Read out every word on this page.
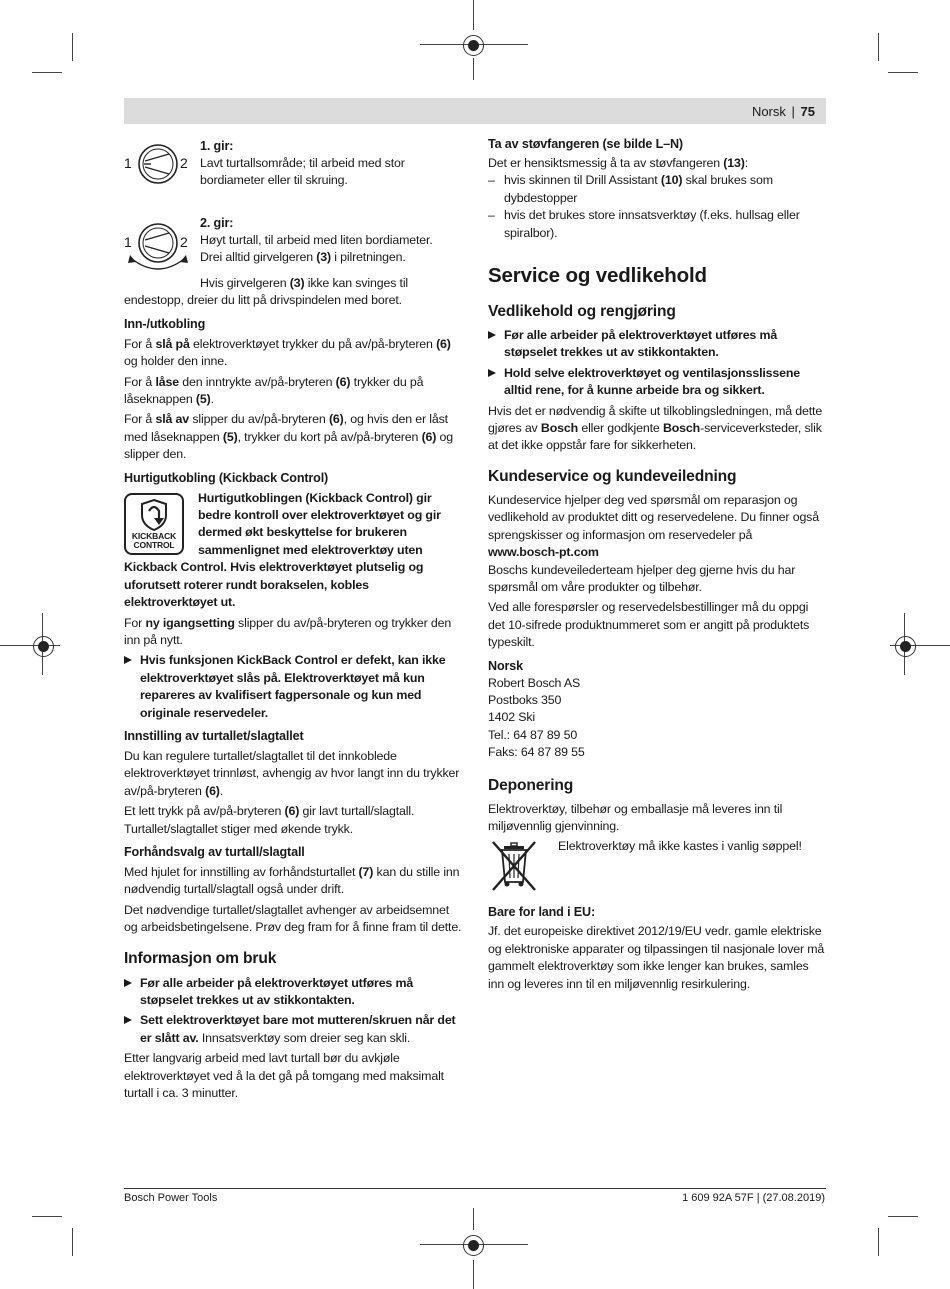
Norsk | 75
1	2
1. gir:
Lavt turtallsområde; til arbeid med stor bordiameter eller til skruing.
1	2
2. gir:
Høyt turtall, til arbeid med liten bordiameter.
Drei alltid girvelgeren (3) i pilretningen.

Hvis girvelgeren (3) ikke kan svinges til endestopp, dreier du litt på drivspindelen med boret.

Inn-/utkobling

For å slå på elektroverktøyet trykker du på av/på-bryteren (6) og holder den inne.

For å låse den inntrykte av/på-bryteren (6) trykker du på låseknappen (5).

For å slå av slipper du av/på-bryteren (6), og hvis den er låst med låseknappen (5), trykker du kort på av/på-bryteren (6) og slipper den.

Hurtigutkobling (Kickback Control)
KICKBACK
CONTROL

Hurtigutkoblingen (Kickback Control) gir bedre kontroll over elektroverktøyet og gir dermed økt beskyttelse for brukeren sammenlignet med elektroverktøy uten Kickback Control. Hvis elektroverktøyet plutselig og uforutsett roterer rundt borakselen, kobles elektroverktøyet ut.

For ny igangsetting slipper du av/på-bryteren og trykker den inn på nytt.

Hvis funksjonen KickBack Control er defekt, kan ikke elektroverktøyet slås på. Elektroverktøyet må kun repareres av kvalifisert fagpersonale og kun med originale reservedeler.
Innstilling av turtallet/slagtallet

Du kan regulere turtallet/slagtallet til det innkoblede elektroverktøyet trinnløst, avhengig av hvor langt inn du trykker av/på-bryteren (6).

Et lett trykk på av/på-bryteren (6) gir lavt turtall/slagtall. Turtallet/slagtallet stiger med økende trykk.

Forhåndsvalg av turtall/slagtall

Med hjulet for innstilling av forhåndsturtallet (7) kan du stille inn nødvendig turtall/slagtall også under drift.

Det nødvendige turtallet/slagtallet avhenger av arbeidsemnet og arbeidsbetingelsene. Prøv deg fram for å finne fram til dette.

Informasjon om bruk
Før alle arbeider på elektroverktøyet utføres må støpselet trekkes ut av stikkontakten.
Sett elektroverktøyet bare mot mutteren/skruen når det er slått av. Innsatsverktøy som dreier seg kan skli.

Etter langvarig arbeid med lavt turtall bør du avkjøle elektroverktøyet ved å la det gå på tomgang med maksimalt turtall i ca. 3 minutter.

Ta av støvfangeren (se bilde L–N)

Det er hensiktsmessig å ta av støvfangeren (13):

– hvis skinnen til Drill Assistant (10) skal brukes som dybdestopper
– hvis det brukes store innsatsverktøy (f.eks. hullsag eller spiralbor).
Service og vedlikehold
Vedlikehold og rengjøring
Før alle arbeider på elektroverktøyet utføres må støpselet trekkes ut av stikkontakten.
Hold selve elektroverktøyet og ventilasjonsslissene alltid rene, for å kunne arbeide bra og sikkert.

Hvis det er nødvendig å skifte ut tilkoblingsledningen, må dette gjøres av Bosch eller godkjente Bosch-serviceverksteder, slik at det ikke oppstår fare for sikkerheten.

Kundeservice og kundeveiledning

Kundeservice hjelper deg ved spørsmål om reparasjon og vedlikehold av produktet ditt og reservedelene. Du finner også sprengskisser og informasjon om reservedeler på www.bosch-pt.com

Boschs kundeveilederteam hjelper deg gjerne hvis du har spørsmål om våre produkter og tilbehør.

Ved alle forespørsler og reservedelsbestillinger må du oppgi det 10-sifrede produktnummeret som er angitt på produktets typeskilt.

Norsk
Robert Bosch AS
Postboks 350
1402 Ski
Tel.: 64 87 89 50
Faks: 64 87 89 55
Deponering

Elektroverktøy, tilbehør og emballasje må leveres inn til miljøvennlig gjenvinning.

Elektroverktøy må ikke kastes i vanlig søppel!
Bare for land i EU:

Jf. det europeiske direktivet 2012/19/EU vedr. gamle elektriske og elektroniske apparater og tilpassingen til nasjonale lover må gammelt elektroverktøy som ikke lenger kan brukes, samles inn og leveres inn til en miljøvennlig resirkulering.

Bosch Power Tools	1 609 92A 57F | (27.08.2019)
